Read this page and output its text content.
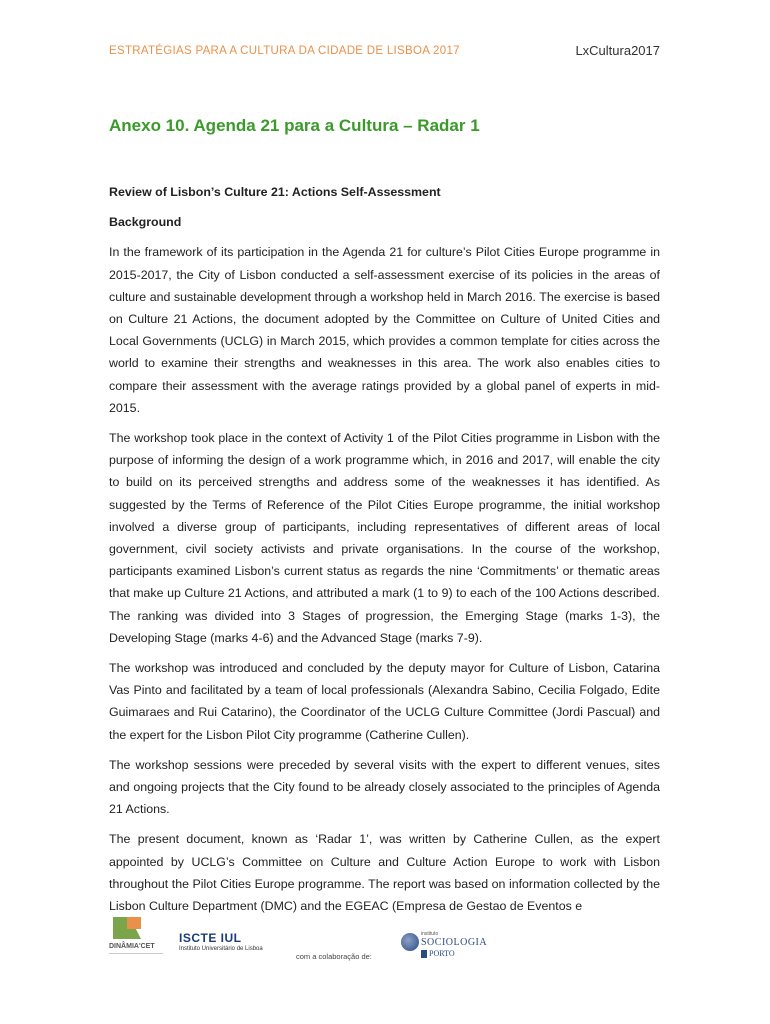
ESTRATÉGIAS PARA A CULTURA DA CIDADE DE LISBOA 2017	LxCultura2017
Anexo 10. Agenda 21 para a Cultura – Radar 1

Review of Lisbon’s Culture 21: Actions Self-Assessment

Background

In the framework of its participation in the Agenda 21 for culture’s Pilot Cities Europe programme in 2015-2017, the City of Lisbon conducted a self-assessment exercise of its policies in the areas of culture and sustainable development through a workshop held in March 2016. The exercise is based on Culture 21 Actions, the document adopted by the Committee on Culture of United Cities and Local Governments (UCLG) in March 2015, which provides a common template for cities across the world to examine their strengths and weaknesses in this area. The work also enables cities to compare their assessment with the average ratings provided by a global panel of experts in mid-2015.

The workshop took place in the context of Activity 1 of the Pilot Cities programme in Lisbon with the purpose of informing the design of a work programme which, in 2016 and 2017, will enable the city to build on its perceived strengths and address some of the weaknesses it has identified. As suggested by the Terms of Reference of the Pilot Cities Europe programme, the initial workshop involved a diverse group of participants, including representatives of different areas of local government, civil society activists and private organisations. In the course of the workshop, participants examined Lisbon’s current status as regards the nine ‘Commitments’ or thematic areas that make up Culture 21 Actions, and attributed a mark (1 to 9) to each of the 100 Actions described. The ranking was divided into 3 Stages of progression, the Emerging Stage (marks 1-3), the Developing Stage (marks 4-6) and the Advanced Stage (marks 7-9).

The workshop was introduced and concluded by the deputy mayor for Culture of Lisbon, Catarina Vas Pinto and facilitated by a team of local professionals (Alexandra Sabino, Cecilia Folgado, Edite Guimaraes and Rui Catarino), the Coordinator of the UCLG Culture Committee (Jordi Pascual) and the expert for the Lisbon Pilot City programme (Catherine Cullen).

The workshop sessions were preceded by several visits with the expert to different venues, sites and ongoing projects that the City found to be already closely associated to the principles of Agenda 21 Actions.

The present document, known as ‘Radar 1’, was written by Catherine Cullen, as the expert appointed by UCLG’s Committee on Culture and Culture Action Europe to work with Lisbon throughout the Pilot Cities Europe programme. The report was based on information collected by the Lisbon Culture Department (DMC) and the EGEAC (Empresa de Gestao de Eventos e

DINÂMIA'CET
ISCTE IUL
Instituto Universitário de Lisboa
com a colaboração de:
instituto
SOCIOLOGIA
PORTO
